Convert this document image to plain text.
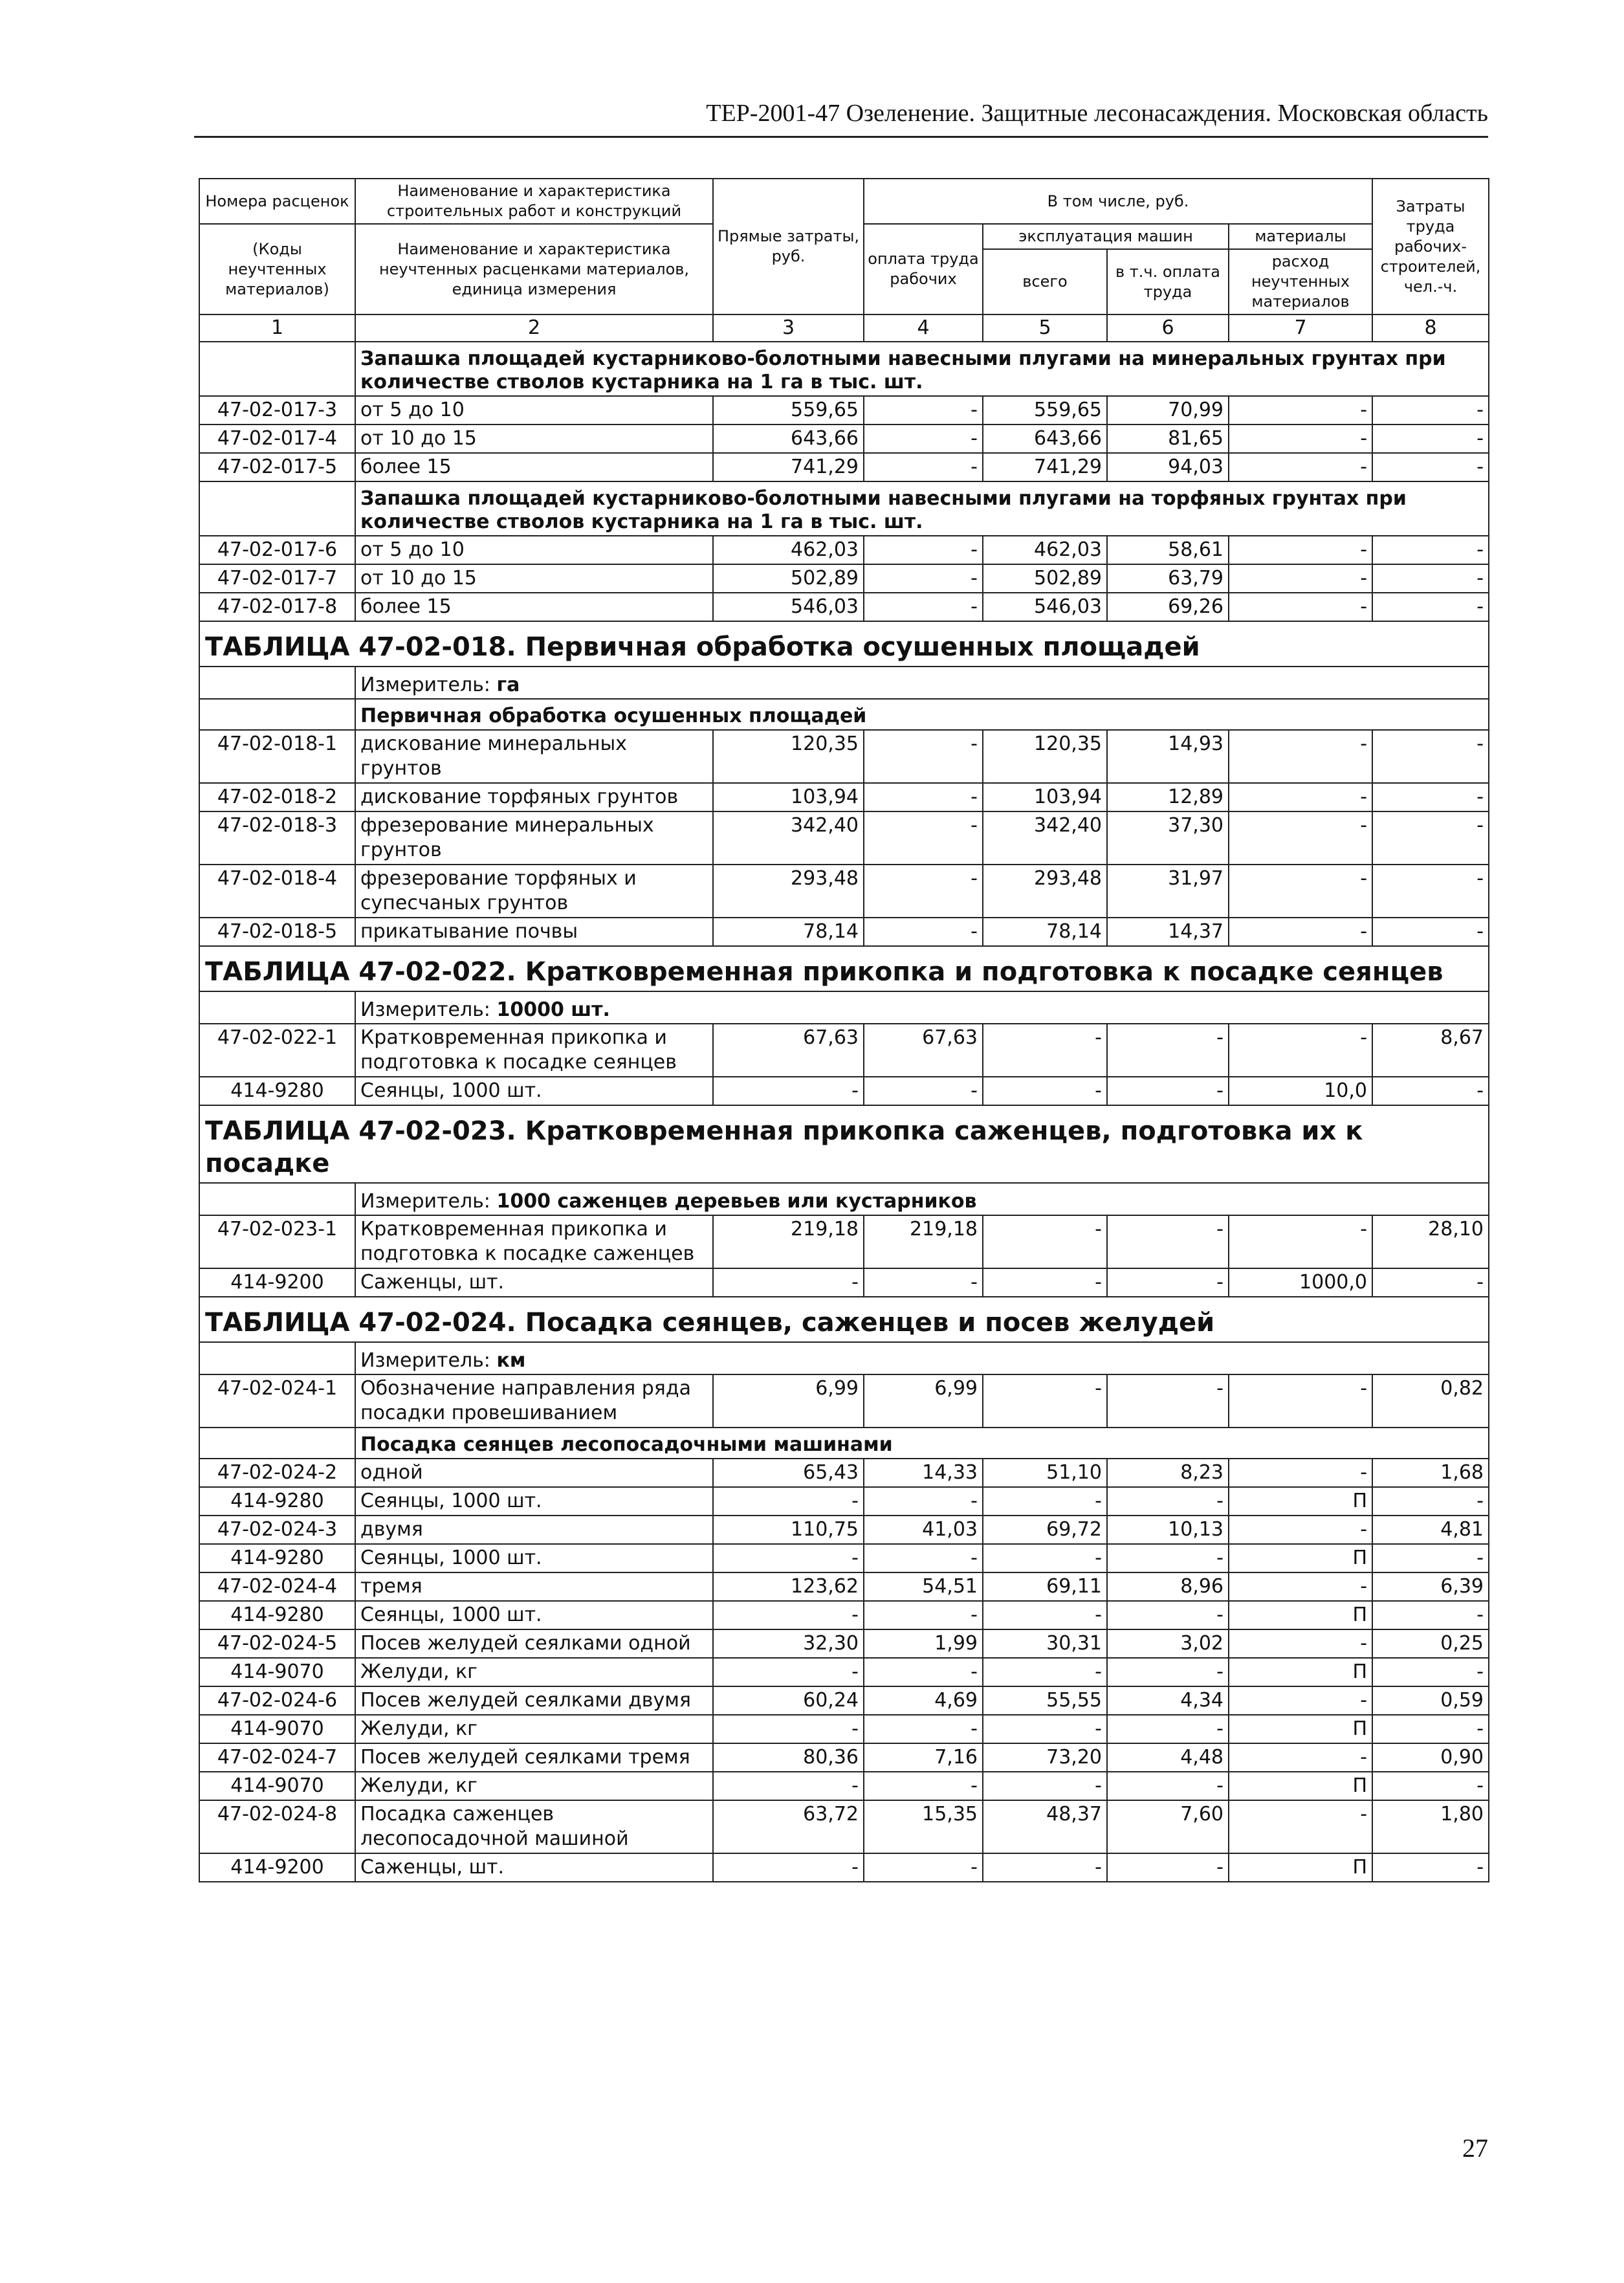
ТЕР-2001-47 Озеленение. Защитные лесонасаждения. Московская область
Номера расценок	Наименование и характеристика строительных работ и конструкций	Прямые затраты, руб.	В том числе, руб.				Затраты труда рабочих-строителей, чел.-ч.
(Коды неучтенных материалов)	Наименование и характеристика неучтенных расценками материалов, единица измерения		оплата труда рабочих	эксплуатация машин		материалы	
				всего	в т.ч. оплата труда	расход неучтенных материалов	

1	2	3	4	5	6	7	8
	Запашка площадей кустарниково-болотными навесными плугами на минеральных грунтах при количестве стволов кустарника на 1 га в тыс. шт.						
47-02-017-3	от 5 до 10	559,65	-	559,65	70,99	-	-
47-02-017-4	от 10 до 15	643,66	-	643,66	81,65	-	-
47-02-017-5	более 15	741,29	-	741,29	94,03	-	-
	Запашка площадей кустарниково-болотными навесными плугами на торфяных грунтах при количестве стволов кустарника на 1 га в тыс. шт.						
47-02-017-6	от 5 до 10	462,03	-	462,03	58,61	-	-
47-02-017-7	от 10 до 15	502,89	-	502,89	63,79	-	-
47-02-017-8	более 15	546,03	-	546,03	69,26	-	-
ТАБЛИЦА 47-02-018. Первичная обработка осушенных площадей							
	Измеритель: га						
	Первичная обработка осушенных площадей						
47-02-018-1	дискование минеральных грунтов	120,35	-	120,35	14,93	-	-
47-02-018-2	дискование торфяных грунтов	103,94	-	103,94	12,89	-	-
47-02-018-3	фрезерование минеральных грунтов	342,40	-	342,40	37,30	-	-
47-02-018-4	фрезерование торфяных и супесчаных грунтов	293,48	-	293,48	31,97	-	-
47-02-018-5	прикатывание почвы	78,14	-	78,14	14,37	-	-
ТАБЛИЦА 47-02-022. Кратковременная прикопка и подготовка к посадке сеянцев							
	Измеритель: 10000 шт.						
47-02-022-1	Кратковременная прикопка и подготовка к посадке сеянцев	67,63	67,63	-	-	-	8,67
414-9280	Сеянцы, 1000 шт.	-	-	-	-	10,0	-
ТАБЛИЦА 47-02-023. Кратковременная прикопка саженцев, подготовка их к посадке							
	Измеритель: 1000 саженцев деревьев или кустарников						
47-02-023-1	Кратковременная прикопка и подготовка к посадке саженцев	219,18	219,18	-	-	-	28,10
414-9200	Саженцы, шт.	-	-	-	-	1000,0	-
ТАБЛИЦА 47-02-024. Посадка сеянцев, саженцев и посев желудей							
	Измеритель: км						
47-02-024-1	Обозначение направления ряда посадки провешиванием	6,99	6,99	-	-	-	0,82
	Посадка сеянцев лесопосадочными машинами						
47-02-024-2	одной	65,43	14,33	51,10	8,23	-	1,68
414-9280	Сеянцы, 1000 шт.	-	-	-	-	П	-
47-02-024-3	двумя	110,75	41,03	69,72	10,13	-	4,81
414-9280	Сеянцы, 1000 шт.	-	-	-	-	П	-
47-02-024-4	тремя	123,62	54,51	69,11	8,96	-	6,39
414-9280	Сеянцы, 1000 шт.	-	-	-	-	П	-
47-02-024-5	Посев желудей сеялками одной	32,30	1,99	30,31	3,02	-	0,25
414-9070	Желуди, кг	-	-	-	-	П	-
47-02-024-6	Посев желудей сеялками двумя	60,24	4,69	55,55	4,34	-	0,59
414-9070	Желуди, кг	-	-	-	-	П	-
47-02-024-7	Посев желудей сеялками тремя	80,36	7,16	73,20	4,48	-	0,90
414-9070	Желуди, кг	-	-	-	-	П	-
47-02-024-8	Посадка саженцев лесопосадочной машиной	63,72	15,35	48,37	7,60	-	1,80
414-9200	Саженцы, шт.	-	-	-	-	П	-
27
